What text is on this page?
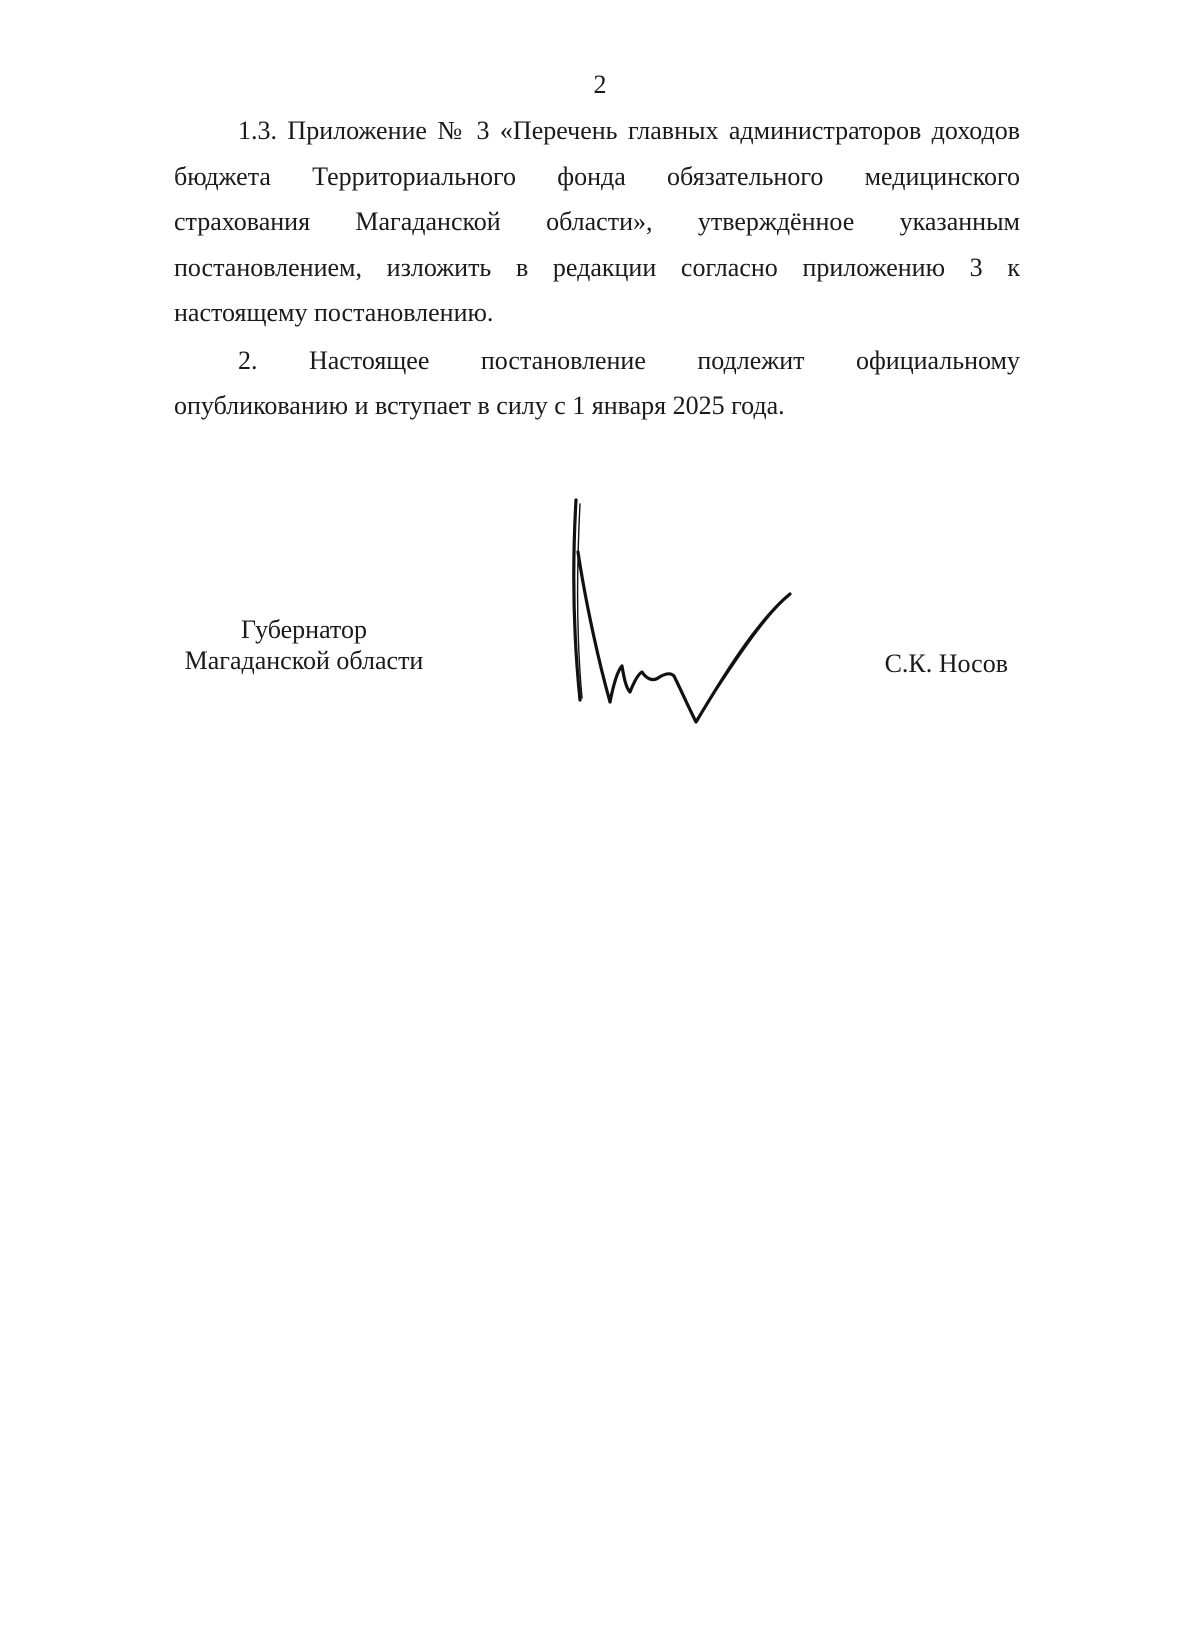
2

1.3. Приложение № 3 «Перечень главных администраторов доходов бюджета Территориального фонда обязательного медицинского страхования Магаданской области», утверждённое указанным постановлением, изложить в редакции согласно приложению 3 к настоящему постановлению.

2. Настоящее постановление подлежит официальному опубликованию и вступает в силу с 1 января 2025 года.

Губернатор
Магаданской области	С.К. Носов
